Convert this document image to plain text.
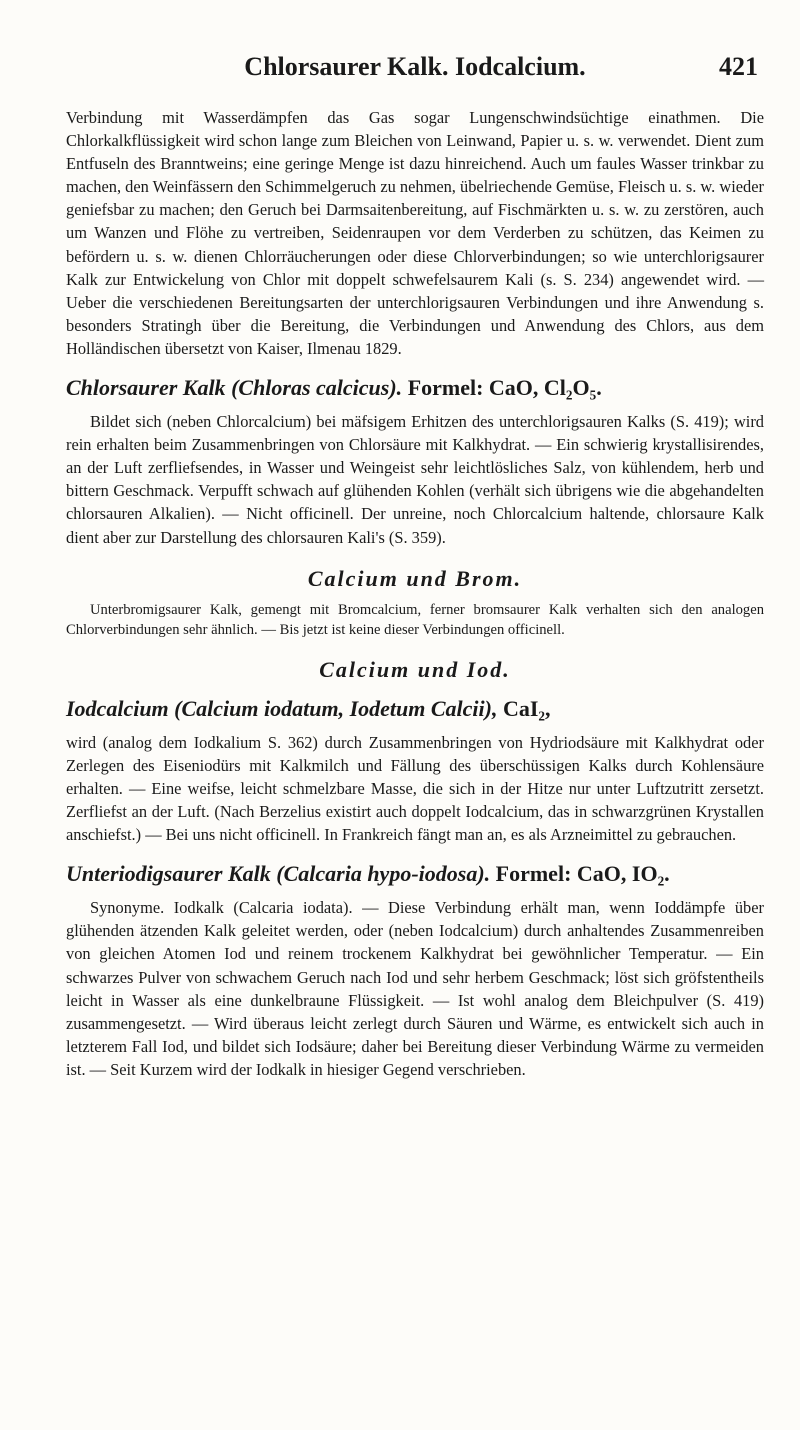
Chlorsaurer Kalk. Iodcalcium.	421

Verbindung mit Wasserdämpfen das Gas sogar Lungenschwindsüchtige einathmen. Die Chlorkalkflüssigkeit wird schon lange zum Bleichen von Leinwand, Papier u. s. w. verwendet. Dient zum Entfuseln des Branntweins; eine geringe Menge ist dazu hinreichend. Auch um faules Wasser trinkbar zu machen, den Weinfässern den Schimmelgeruch zu nehmen, übelriechende Gemüse, Fleisch u. s. w. wieder geniefsbar zu machen; den Geruch bei Darmsaitenbereitung, auf Fischmärkten u. s. w. zu zerstören, auch um Wanzen und Flöhe zu vertreiben, Seidenraupen vor dem Verderben zu schützen, das Keimen zu befördern u. s. w. dienen Chlorräucherungen oder diese Chlorverbindungen; so wie unterchlorigsaurer Kalk zur Entwickelung von Chlor mit doppelt schwefelsaurem Kali (s. S. 234) angewendet wird. — Ueber die verschiedenen Bereitungsarten der unterchlorigsauren Verbindungen und ihre Anwendung s. besonders Stratingh über die Bereitung, die Verbindungen und Anwendung des Chlors, aus dem Holländischen übersetzt von Kaiser, Ilmenau 1829.

Chlorsaurer Kalk (Chloras calcicus). Formel: CaO, Cl₂O₅.

Bildet sich (neben Chlorcalcium) bei mäfsigem Erhitzen des unterchlorigsauren Kalks (S. 419); wird rein erhalten beim Zusammenbringen von Chlorsäure mit Kalkhydrat. — Ein schwierig krystallisirendes, an der Luft zerfliefsendes, in Wasser und Weingeist sehr leichtlösliches Salz, von kühlendem, herb und bittern Geschmack. Verpufft schwach auf glühenden Kohlen (verhält sich übrigens wie die abgehandelten chlorsauren Alkalien). — Nicht officinell. Der unreine, noch Chlorcalcium haltende, chlorsaure Kalk dient aber zur Darstellung des chlorsauren Kali's (S. 359).

Calcium und Brom.

Unterbromigsaurer Kalk, gemengt mit Bromcalcium, ferner bromsaurer Kalk verhalten sich den analogen Chlorverbindungen sehr ähnlich. — Bis jetzt ist keine dieser Verbindungen officinell.

Calcium und Iod.
Iodcalcium (Calcium iodatum, Iodetum Calcii), CaI₂,

wird (analog dem Iodkalium S. 362) durch Zusammenbringen von Hydriodsäure mit Kalkhydrat oder Zerlegen des Eiseniodürs mit Kalkmilch und Fällung des überschüssigen Kalks durch Kohlensäure erhalten. — Eine weifse, leicht schmelzbare Masse, die sich in der Hitze nur unter Luftzutritt zersetzt. Zerfliefst an der Luft. (Nach Berzelius existirt auch doppelt Iodcalcium, das in schwarzgrünen Krystallen anschiefst.) — Bei uns nicht officinell. In Frankreich fängt man an, es als Arzneimittel zu gebrauchen.

Unteriodigsaurer Kalk (Calcaria hypo-iodosa). Formel: CaO, IO₂.

Synonyme. Iodkalk (Calcaria iodata). — Diese Verbindung erhält man, wenn Ioddämpfe über glühenden ätzenden Kalk geleitet werden, oder (neben Iodcalcium) durch anhaltendes Zusammenreiben von gleichen Atomen Iod und reinem trockenem Kalkhydrat bei gewöhnlicher Temperatur. — Ein schwarzes Pulver von schwachem Geruch nach Iod und sehr herbem Geschmack; löst sich gröfstentheils leicht in Wasser als eine dunkelbraune Flüssigkeit. — Ist wohl analog dem Bleichpulver (S. 419) zusammengesetzt. — Wird überaus leicht zerlegt durch Säuren und Wärme, es entwickelt sich auch in letzterem Fall Iod, und bildet sich Iodsäure; daher bei Bereitung dieser Verbindung Wärme zu vermeiden ist. — Seit Kurzem wird der Iodkalk in hiesiger Gegend verschrieben.
